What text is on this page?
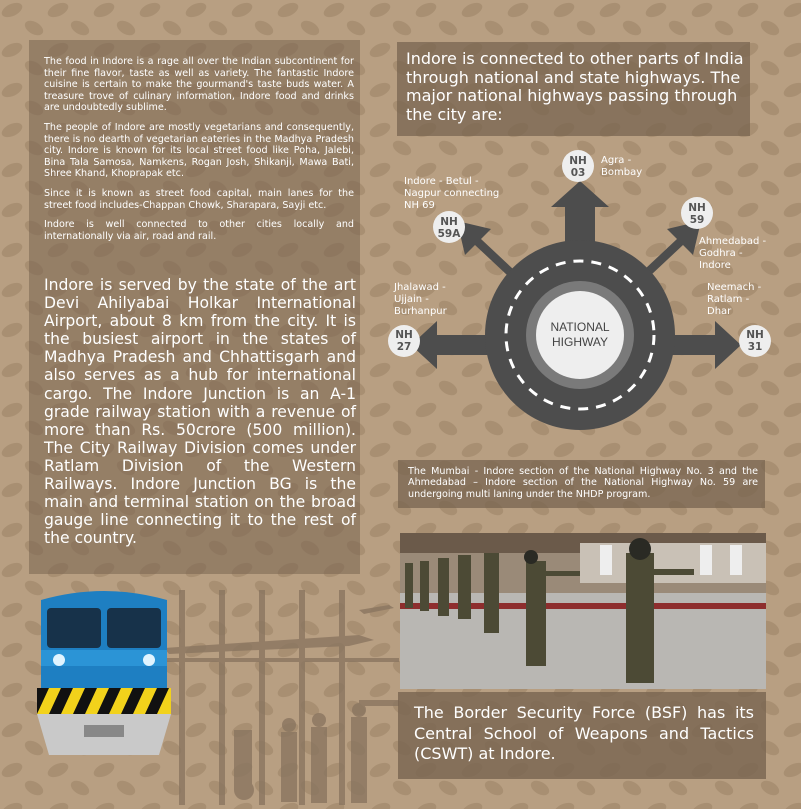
The food in Indore is a rage all over the Indian subcontinent for their fine flavor, taste as well as variety. The fantastic Indore cuisine is certain to make the gourmand's taste buds water. A treasure trove of culinary information, Indore food and drinks are undoubtedly sublime.

The people of Indore are mostly vegetarians and consequently, there is no dearth of vegetarian eateries in the Madhya Pradesh city. Indore is known for its local street food like Poha, Jalebi, Bina Tala Samosa, Namkens, Rogan Josh, Shikanji, Mawa Bati, Shree Khand, Khoprapak etc.

Since it is known as street food capital, main lanes for the street food includes-Chappan Chowk, Sharapara, Sayji etc.

Indore is well connected to other cities locally and internationally via air, road and rail.

Indore is served by the state of the art Devi Ahilyabai Holkar International Airport, about 8 km from the city. It is the busiest airport in the states of Madhya Pradesh and Chhattisgarh and also serves as a hub for international cargo. The Indore Junction is an A-1 grade railway station with a revenue of more than Rs. 50crore (500 million). The City Railway Division comes under Ratlam Division of the Western Railways. Indore Junction BG is the main and terminal station on the broad gauge line connecting it to the rest of the country.
Indore is connected to other parts of India through national and state highways. The major national highways passing through the city are:
NATIONAL
HIGHWAY
NH
03
NH
59A
NH
59
NH
27
NH
31
Agra - Bombay
Indore - Betul - Nagpur connecting NH 69
Ahmedabad - Godhra - Indore
Jhalawad - Ujjain - Burhanpur
Neemach - Ratlam - Dhar
The Mumbai - Indore section of the National Highway No. 3 and the Ahmedabad – Indore section of the National Highway No. 59 are undergoing multi laning under the NHDP program.
The Border Security Force (BSF) has its Central School of Weapons and Tactics (CSWT) at Indore.
